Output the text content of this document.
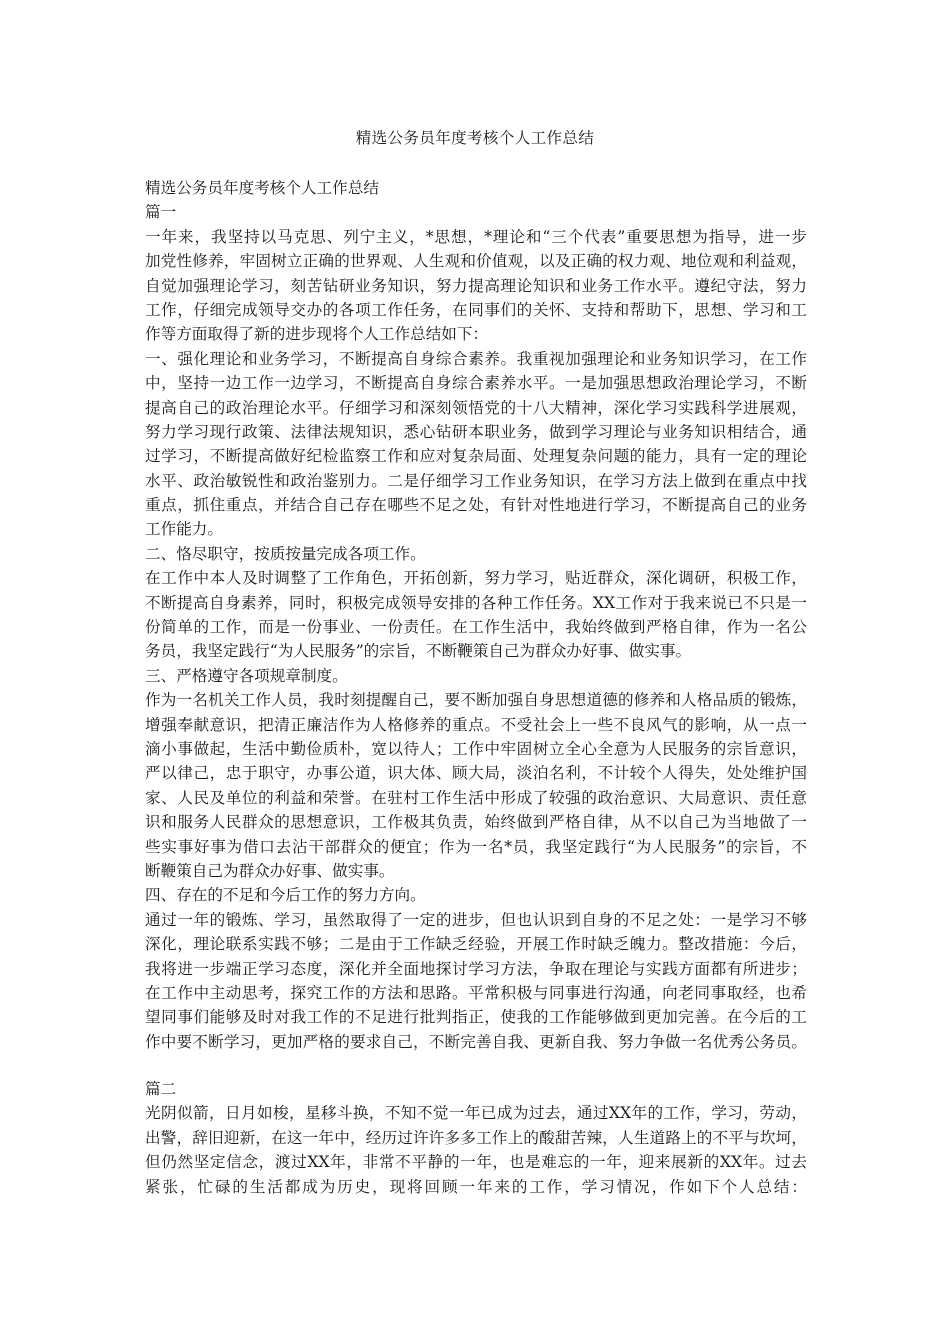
精选公务员年度考核个人工作总结
精选公务员年度考核个人工作总结
篇一
一年来，我坚持以马克思、列宁主义，*思想，*理论和“三个代表”重要思想为指导，进一步
加党性修养，牢固树立正确的世界观、人生观和价值观，以及正确的权力观、地位观和利益观，
自觉加强理论学习，刻苦钻研业务知识，努力提高理论知识和业务工作水平。遵纪守法，努力
工作，仔细完成领导交办的各项工作任务，在同事们的关怀、支持和帮助下，思想、学习和工
作等方面取得了新的进步现将个人工作总结如下：
一、强化理论和业务学习，不断提高自身综合素养。我重视加强理论和业务知识学习，在工作
中，坚持一边工作一边学习，不断提高自身综合素养水平。一是加强思想政治理论学习，不断
提高自己的政治理论水平。仔细学习和深刻领悟党的十八大精神，深化学习实践科学进展观，
努力学习现行政策、法律法规知识，悉心钻研本职业务，做到学习理论与业务知识相结合，通
过学习，不断提高做好纪检监察工作和应对复杂局面、处理复杂问题的能力，具有一定的理论
水平、政治敏锐性和政治鉴别力。二是仔细学习工作业务知识，在学习方法上做到在重点中找
重点，抓住重点，并结合自己存在哪些不足之处，有针对性地进行学习，不断提高自己的业务
工作能力。
二、恪尽职守，按质按量完成各项工作。
在工作中本人及时调整了工作角色，开拓创新，努力学习，贴近群众，深化调研，积极工作，
不断提高自身素养，同时，积极完成领导安排的各种工作任务。XX工作对于我来说已不只是一
份简单的工作，而是一份事业、一份责任。在工作生活中，我始终做到严格自律，作为一名公
务员，我坚定践行“为人民服务”的宗旨，不断鞭策自己为群众办好事、做实事。
三、严格遵守各项规章制度。
作为一名机关工作人员，我时刻提醒自己，要不断加强自身思想道德的修养和人格品质的锻炼，
增强奉献意识，把清正廉洁作为人格修养的重点。不受社会上一些不良风气的影响，从一点一
滴小事做起，生活中勤俭质朴，宽以待人；工作中牢固树立全心全意为人民服务的宗旨意识，
严以律己，忠于职守，办事公道，识大体、顾大局，淡泊名利，不计较个人得失，处处维护国
家、人民及单位的利益和荣誉。在驻村工作生活中形成了较强的政治意识、大局意识、责任意
识和服务人民群众的思想意识，工作极其负责，始终做到严格自律，从不以自己为当地做了一
些实事好事为借口去沾干部群众的便宜；作为一名*员，我坚定践行“为人民服务”的宗旨，不
断鞭策自己为群众办好事、做实事。
四、存在的不足和今后工作的努力方向。
通过一年的锻炼、学习，虽然取得了一定的进步，但也认识到自身的不足之处：一是学习不够
深化，理论联系实践不够；二是由于工作缺乏经验，开展工作时缺乏魄力。整改措施：今后，
我将进一步端正学习态度，深化并全面地探讨学习方法，争取在理论与实践方面都有所进步；
在工作中主动思考，探究工作的方法和思路。平常积极与同事进行沟通，向老同事取经，也希
望同事们能够及时对我工作的不足进行批判指正，使我的工作能够做到更加完善。在今后的工
作中要不断学习，更加严格的要求自己，不断完善自我、更新自我、努力争做一名优秀公务员。
篇二
光阴似箭，日月如梭，星移斗换，不知不觉一年已成为过去，通过XX年的工作，学习，劳动，
出警，辞旧迎新，在这一年中，经历过许许多多工作上的酸甜苦辣，人生道路上的不平与坎坷，
但仍然坚定信念，渡过XX年，非常不平静的一年，也是难忘的一年，迎来展新的XX年。过去
紧张，忙碌的生活都成为历史，现将回顾一年来的工作，学习情况，作如下个人总结：
